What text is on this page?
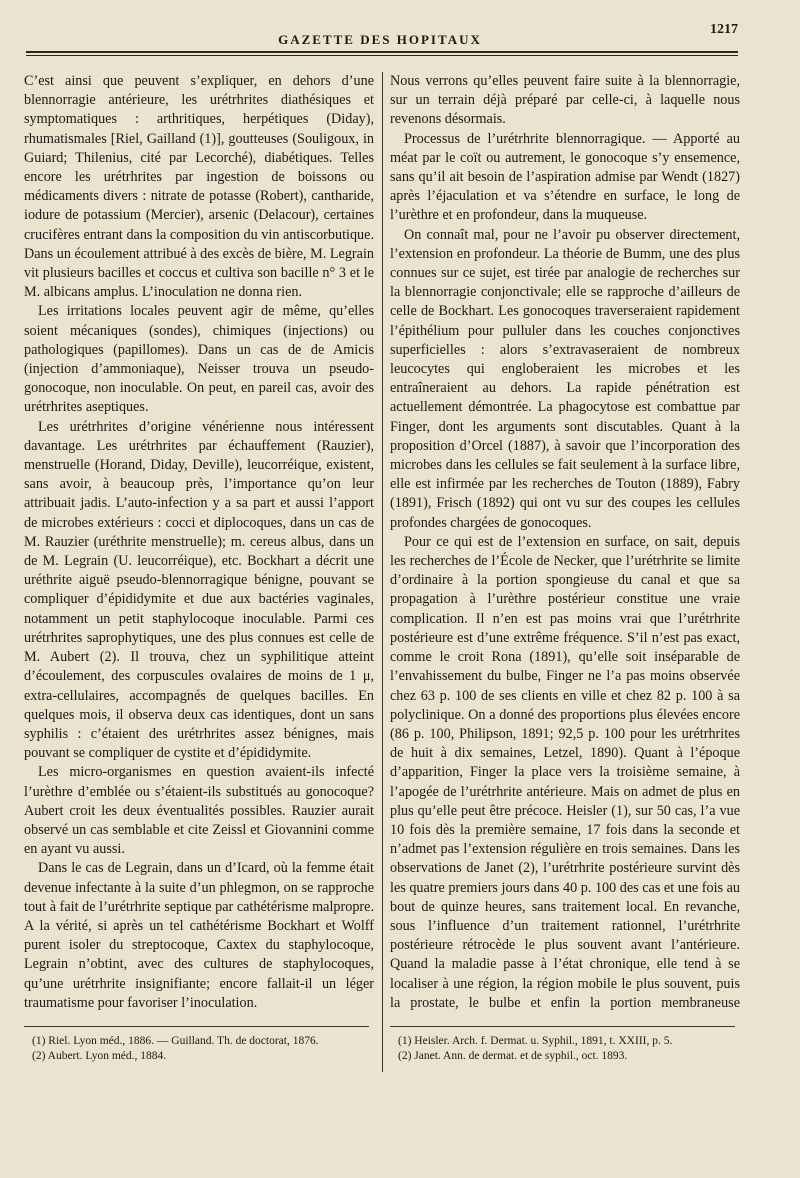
GAZETTE DES HOPITAUX
1217

C’est ainsi que peuvent s’expliquer, en dehors d’une blennorragie antérieure, les urétrhrites diathésiques et symptomatiques : arthritiques, herpétiques (Diday), rhumatismales [Riel, Gailland (1)], goutteuses (Souligoux, in Guiard; Thilenius, cité par Lecorché), diabétiques. Telles encore les urétrhrites par ingestion de boissons ou médicaments divers : nitrate de potasse (Robert), cantharide, iodure de potassium (Mercier), arsenic (Delacour), certaines crucifères entrant dans la composition du vin antiscorbutique. Dans un écoulement attribué à des excès de bière, M. Legrain vit plusieurs bacilles et coccus et cultiva son bacille n° 3 et le M. albicans amplus. L’inoculation ne donna rien.

Les irritations locales peuvent agir de même, qu’elles soient mécaniques (sondes), chimiques (injections) ou pathologiques (papillomes). Dans un cas de de Amicis (injection d’ammoniaque), Neisser trouva un pseudo-gonocoque, non inoculable. On peut, en pareil cas, avoir des urétrhrites aseptiques.

Les urétrhrites d’origine vénérienne nous intéressent davantage. Les urétrhrites par échauffement (Rauzier), menstruelle (Horand, Diday, Deville), leucorréique, existent, sans avoir, à beaucoup près, l’importance qu’on leur attribuait jadis. L’auto-infection y a sa part et aussi l’apport de microbes extérieurs : cocci et diplocoques, dans un cas de M. Rauzier (uréthrite menstruelle); m. cereus albus, dans un de M. Legrain (U. leucorréique), etc. Bockhart a décrit une uréthrite aiguë pseudo-blennorragique bénigne, pouvant se compliquer d’épididymite et due aux bactéries vaginales, notamment un petit staphylocoque inoculable. Parmi ces urétrhrites saprophytiques, une des plus connues est celle de M. Aubert (2). Il trouva, chez un syphilitique atteint d’écoulement, des corpuscules ovalaires de moins de 1 μ, extra-cellulaires, accompagnés de quelques bacilles. En quelques mois, il observa deux cas identiques, dont un sans syphilis : c’étaient des urétrhrites assez bénignes, mais pouvant se compliquer de cystite et d’épididymite.

Les micro-organismes en question avaient-ils infecté l’urèthre d’emblée ou s’étaient-ils substitués au gonocoque? Aubert croit les deux éventualités possibles. Rauzier aurait observé un cas semblable et cite Zeissl et Giovannini comme en ayant vu aussi.

Dans le cas de Legrain, dans un d’Icard, où la femme était devenue infectante à la suite d’un phlegmon, on se rapproche tout à fait de l’urétrhrite septique par cathétérisme malpropre. A la vérité, si après un tel cathétérisme Bockhart et Wolff purent isoler du streptocoque, Caxtex du staphylocoque, Legrain n’obtint, avec des cultures de staphylocoques, qu’une urétrhrite insignifiante; encore fallait-il un léger traumatisme pour favoriser l’inoculation.

Nous verrons qu’elles peuvent faire suite à la blennorragie, sur un terrain déjà préparé par celle-ci, à laquelle nous revenons désormais.

Processus de l’urétrhrite blennorragique. — Apporté au méat par le coït ou autrement, le gonocoque s’y ensemence, sans qu’il ait besoin de l’aspiration admise par Wendt (1827) après l’éjaculation et va s’étendre en surface, le long de l’urèthre et en profondeur, dans la muqueuse.

On connaît mal, pour ne l’avoir pu observer directement, l’extension en profondeur. La théorie de Bumm, une des plus connues sur ce sujet, est tirée par analogie de recherches sur la blennorragie conjonctivale; elle se rapproche d’ailleurs de celle de Bockhart. Les gonocoques traverseraient rapidement l’épithélium pour pulluler dans les couches conjonctives superficielles : alors s’extravaseraient de nombreux leucocytes qui engloberaient les microbes et les entraîneraient au dehors. La rapide pénétration est actuellement démontrée. La phagocytose est combattue par Finger, dont les arguments sont discutables. Quant à la proposition d’Orcel (1887), à savoir que l’incorporation des microbes dans les cellules se fait seulement à la surface libre, elle est infirmée par les recherches de Touton (1889), Fabry (1891), Frisch (1892) qui ont vu sur des coupes les cellules profondes chargées de gonocoques.

Pour ce qui est de l’extension en surface, on sait, depuis les recherches de l’École de Necker, que l’urétrhrite se limite d’ordinaire à la portion spongieuse du canal et que sa propagation à l’urèthre postérieur constitue une vraie complication. Il n’en est pas moins vrai que l’urétrhrite postérieure est d’une extrême fréquence. S’il n’est pas exact, comme le croit Rona (1891), qu’elle soit inséparable de l’envahissement du bulbe, Finger ne l’a pas moins observée chez 63 p. 100 de ses clients en ville et chez 82 p. 100 à sa polyclinique. On a donné des proportions plus élevées encore (86 p. 100, Philipson, 1891; 92,5 p. 100 pour les urétrhrites de huit à dix semaines, Letzel, 1890). Quant à l’époque d’apparition, Finger la place vers la troisième semaine, à l’apogée de l’urétrhrite antérieure. Mais on admet de plus en plus qu’elle peut être précoce. Heisler (1), sur 50 cas, l’a vue 10 fois dès la première semaine, 17 fois dans la seconde et n’admet pas l’extension régulière en trois semaines. Dans les observations de Janet (2), l’urétrhrite postérieure survint dès les quatre premiers jours dans 40 p. 100 des cas et une fois au bout de quinze heures, sans traitement local. En revanche, sous l’influence d’un traitement rationnel, l’urétrhrite postérieure rétrocède le plus souvent avant l’antérieure. Quand la maladie passe à l’état chronique, elle tend à se localiser à une région, la région mobile le plus souvent, puis la prostate, le bulbe et enfin la portion membraneuse

(1) Riel. Lyon méd., 1886. — Guilland. Th. de doctorat, 1876.
(2) Aubert. Lyon méd., 1884.
(1) Heisler. Arch. f. Dermat. u. Syphil., 1891, t. XXIII, p. 5.
(2) Janet. Ann. de dermat. et de syphil., oct. 1893.
